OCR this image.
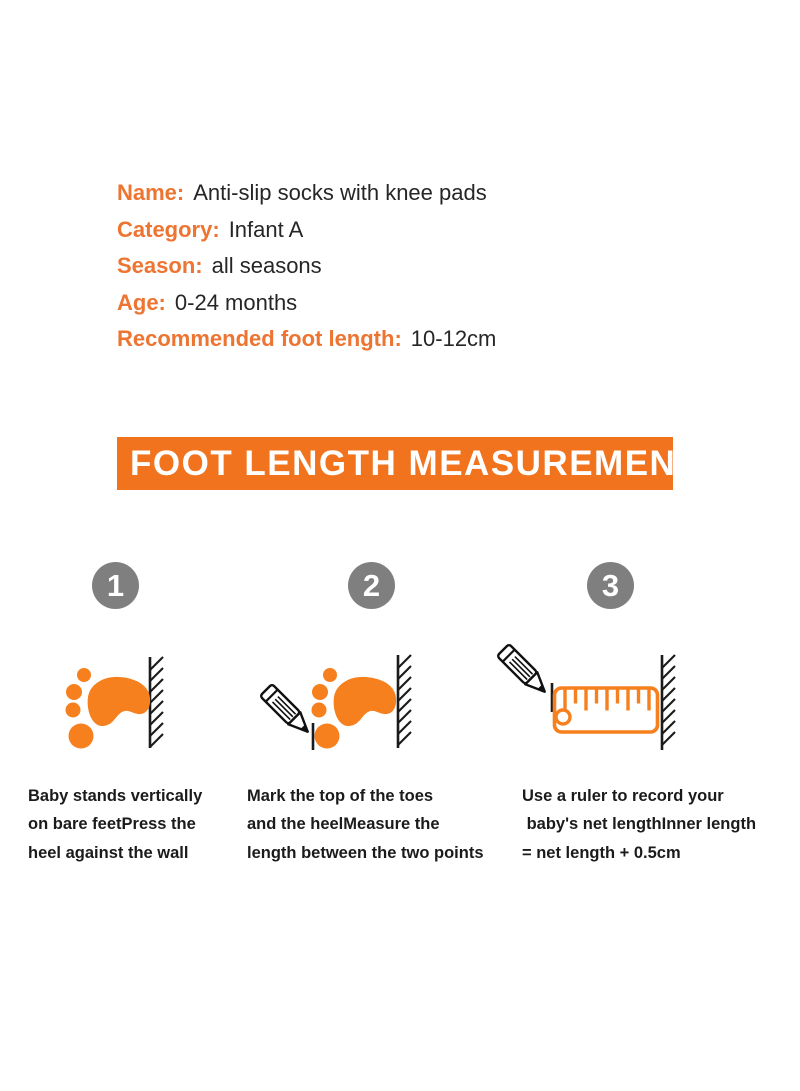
Name: Anti-slip socks with knee pads
Category: Infant A
Season: all seasons
Age: 0-24 months
Recommended foot length: 10-12cm
FOOT LENGTH MEASUREMENT
1	2	3
Baby stands vertically
on bare feetPress the
heel against the wall
Mark the top of the toes
and the heelMeasure the
length between the two points
Use a ruler to record your
baby's net lengthInner length
= net length + 0.5cm
